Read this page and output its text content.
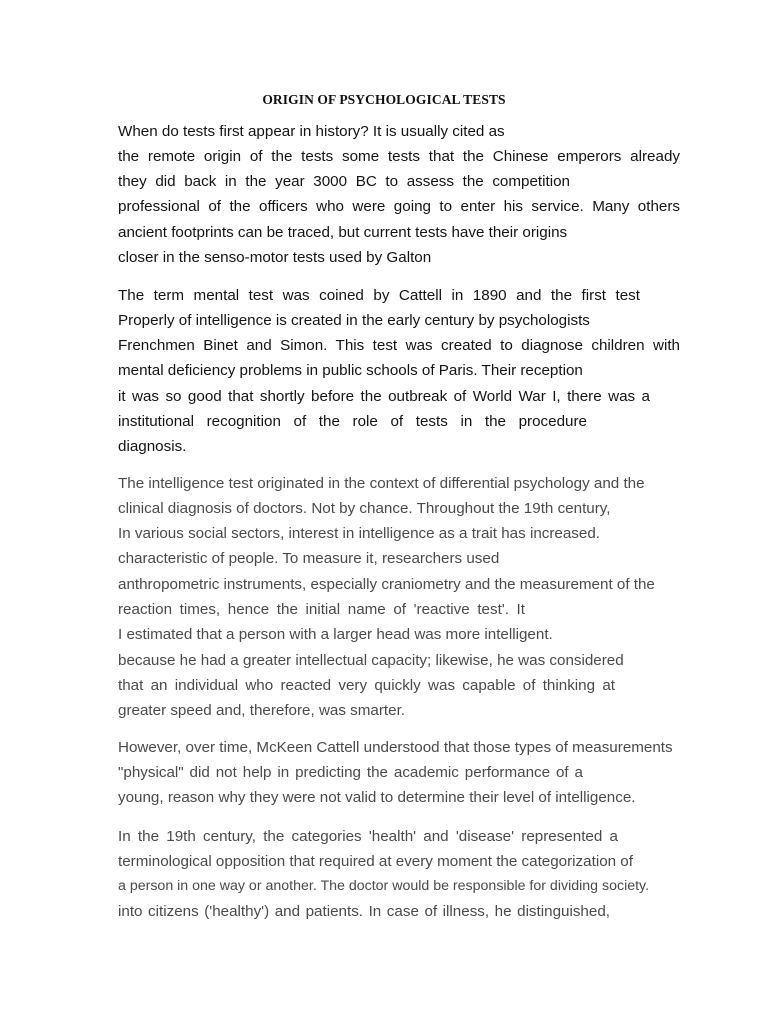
ORIGIN OF PSYCHOLOGICAL TESTS
When do tests first appear in history? It is usually cited as
the remote origin of the tests some tests that the Chinese emperors already
they did back in the year 3000 BC to assess the competition
professional of the officers who were going to enter his service. Many others
ancient footprints can be traced, but current tests have their origins
closer in the senso-motor tests used by Galton
The term mental test was coined by Cattell in 1890 and the first test
Properly of intelligence is created in the early century by psychologists
Frenchmen Binet and Simon. This test was created to diagnose children with
mental deficiency problems in public schools of Paris. Their reception
it was so good that shortly before the outbreak of World War I, there was a
institutional recognition of the role of tests in the procedure
diagnosis.
The intelligence test originated in the context of differential psychology and the
clinical diagnosis of doctors. Not by chance. Throughout the 19th century,
In various social sectors, interest in intelligence as a trait has increased.
characteristic of people. To measure it, researchers used
anthropometric instruments, especially craniometry and the measurement of the
reaction times, hence the initial name of 'reactive test'. It
I estimated that a person with a larger head was more intelligent.
because he had a greater intellectual capacity; likewise, he was considered
that an individual who reacted very quickly was capable of thinking at
greater speed and, therefore, was smarter.
However, over time, McKeen Cattell understood that those types of measurements
"physical" did not help in predicting the academic performance of a
young, reason why they were not valid to determine their level of intelligence.
In the 19th century, the categories 'health' and 'disease' represented a
terminological opposition that required at every moment the categorization of
a person in one way or another. The doctor would be responsible for dividing society.
into citizens ('healthy') and patients. In case of illness, he distinguished,
